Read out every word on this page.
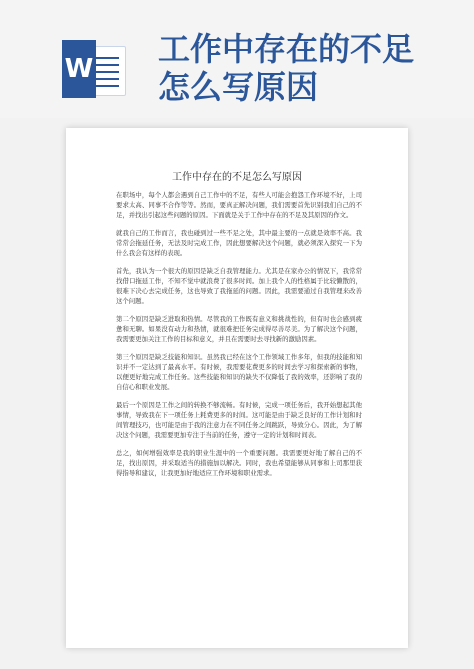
W
工作中存在的不足
怎么写原因
工作中存在的不足怎么写原因

在职场中，每个人都会遇到自己工作中的不足，有些人可能会抱怨工作环境不好，上司要求太高、同事不合作等等。然而，要真正解决问题，我们需要首先识别我们自己的不足，并找出引起这些问题的原因。下面就是关于工作中存在的不足及其原因的作文。

就我自己的工作而言，我也碰到过一些不足之处，其中最主要的一点就是效率不高。我常常会拖延任务，无法及时完成工作，因此想要解决这个问题，就必须深入探究一下为什么我会有这样的表现。

首先，我认为一个很大的原因是缺乏自我管理能力。尤其是在家办公的情况下，我常常找借口拖延工作，不知不觉中就浪费了很多时间。加上我个人的性格属于比较懒散的，很难下决心去完成任务，这也导致了我拖延的问题。因此，我需要通过自我管理来改善这个问题。

第二个原因是缺乏进取和热情。尽管我的工作既有意义和挑战性的，但有时也会感到疲惫和无聊。如果没有动力和热情，就很难把任务完成得尽善尽美。为了解决这个问题，我需要更加关注工作的目标和意义，并且在需要时去寻找新的激励因素。

第三个原因是缺乏技能和知识。虽然我已经在这个工作领域工作多年，但我的技能和知识并不一定达到了最高水平。有时候，我需要花费更多的时间去学习和探索新的事物，以便更好地完成工作任务。这些技能和知识的缺失不仅降低了我的效率，还影响了我的自信心和职业发展。

最后一个原因是工作之间的转换不够流畅。有时候，完成一项任务后，我开始想起其他事情，导致我在下一项任务上耗费更多的时间。这可能是由于缺乏良好的工作计划和时间管理技巧，也可能是由于我的注意力在不同任务之间跳跃，导致分心。因此，为了解决这个问题，我需要更加专注于当前的任务，遵守一定的计划和时间表。

总之，如何增强效率是我的职业生涯中的一个重要问题。我需要更好地了解自己的不足，找出原因，并采取适当的措施加以解决。同时，我也希望能够从同事和上司那里获得指导和建议，让我更加好地适应工作环境和职业需求。
